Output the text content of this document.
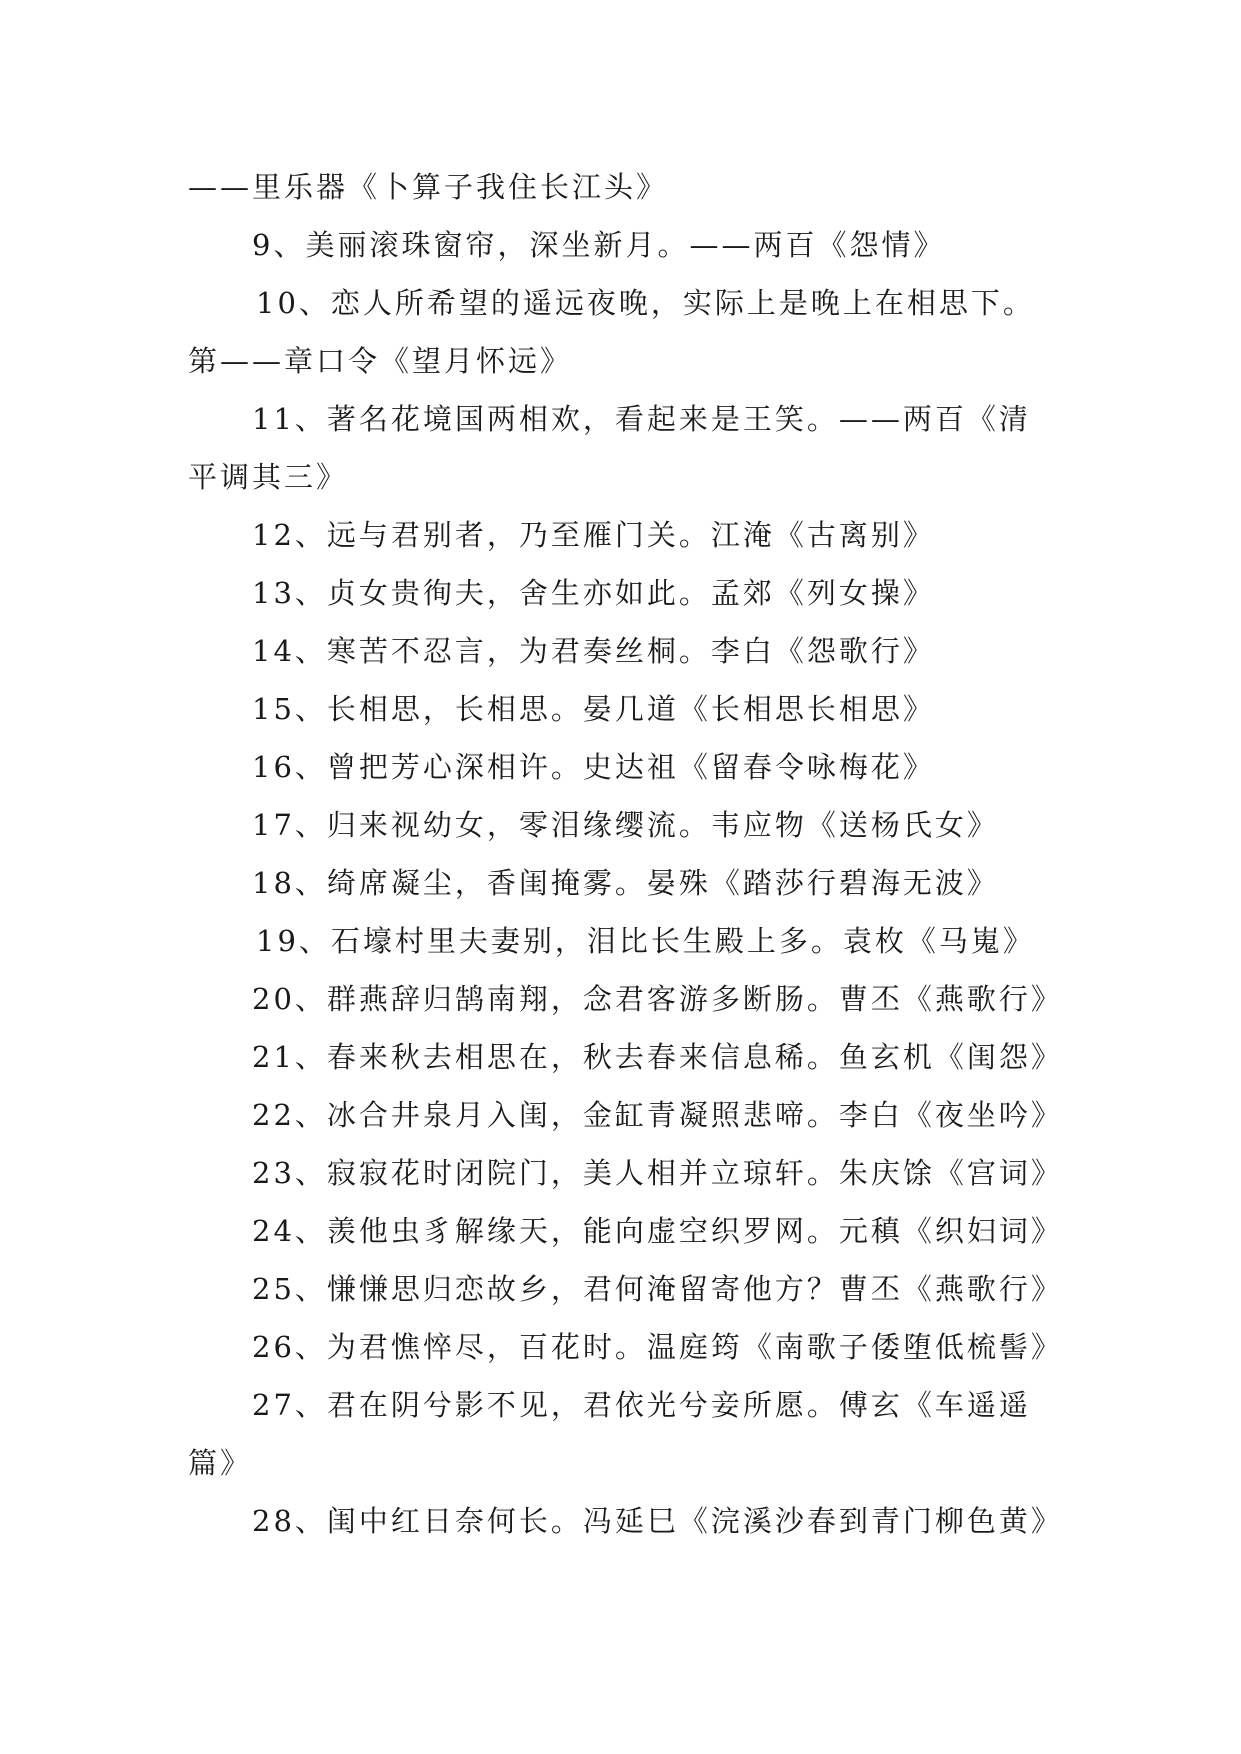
——里乐器《卜算子我住长江头》
9、美丽滚珠窗帘，深坐新月。——两百《怨情》
10、恋人所希望的遥远夜晚，实际上是晚上在相思下。
第——章口令《望月怀远》
11、著名花境国两相欢，看起来是王笑。——两百《清
平调其三》
12、远与君别者，乃至雁门关。江淹《古离别》
13、贞女贵徇夫，舍生亦如此。孟郊《列女操》
14、寒苦不忍言，为君奏丝桐。李白《怨歌行》
15、长相思，长相思。晏几道《长相思长相思》
16、曾把芳心深相许。史达祖《留春令咏梅花》
17、归来视幼女，零泪缘缨流。韦应物《送杨氏女》
18、绮席凝尘，香闺掩雾。晏殊《踏莎行碧海无波》
19、石壕村里夫妻别，泪比长生殿上多。袁枚《马嵬》
20、群燕辞归鹄南翔，念君客游多断肠。曹丕《燕歌行》
21、春来秋去相思在，秋去春来信息稀。鱼玄机《闺怨》
22、冰合井泉月入闺，金缸青凝照悲啼。李白《夜坐吟》
23、寂寂花时闭院门，美人相并立琼轩。朱庆馀《宫词》
24、羡他虫豸解缘天，能向虚空织罗网。元稹《织妇词》
25、慊慊思归恋故乡，君何淹留寄他方？曹丕《燕歌行》
26、为君憔悴尽，百花时。温庭筠《南歌子倭堕低梳髻》
27、君在阴兮影不见，君依光兮妾所愿。傅玄《车遥遥
篇》
28、闺中红日奈何长。冯延巳《浣溪沙春到青门柳色黄》
